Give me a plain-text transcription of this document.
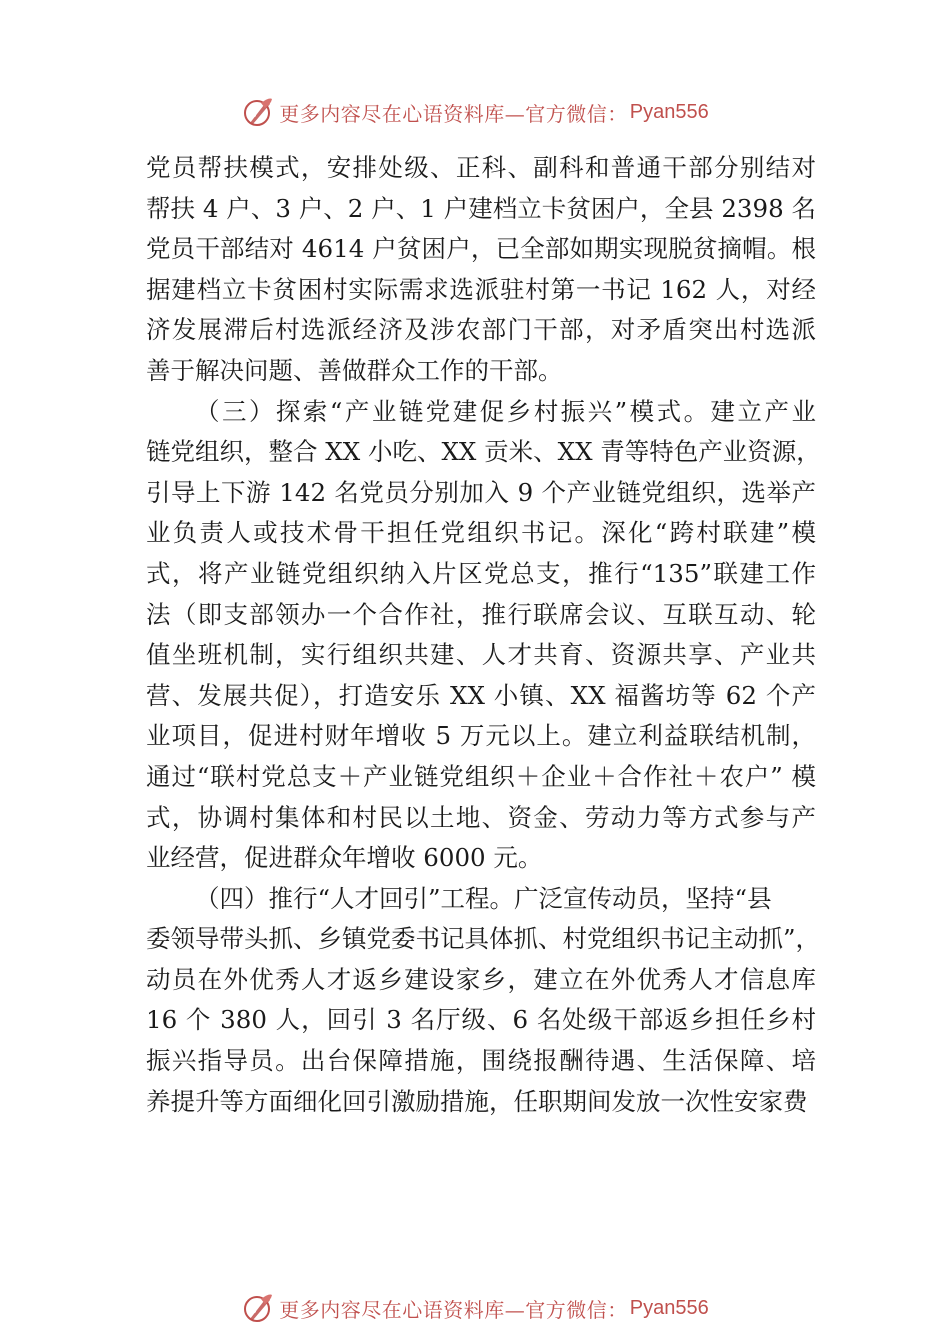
更多内容尽在心语资料库—官方微信： Pyan556
党员帮扶模式，安排处级、正科、副科和普通干部分别结对
帮扶 4 户、3 户、2 户、1 户建档立卡贫困户，全县 2398 名
党员干部结对 4614 户贫困户，已全部如期实现脱贫摘帽。根
据建档立卡贫困村实际需求选派驻村第一书记 162 人，对经
济发展滞后村选派经济及涉农部门干部，对矛盾突出村选派
善于解决问题、善做群众工作的干部。
（三）探索“产业链党建促乡村振兴”模式。建立产业
链党组织，整合 XX 小吃、XX 贡米、XX 青等特色产业资源，
引导上下游 142 名党员分别加入 9 个产业链党组织，选举产
业负责人或技术骨干担任党组织书记。深化“跨村联建”模
式，将产业链党组织纳入片区党总支，推行“135”联建工作
法（即支部领办一个合作社，推行联席会议、互联互动、轮
值坐班机制，实行组织共建、人才共育、资源共享、产业共
营、发展共促），打造安乐 XX 小镇、XX 福酱坊等 62 个产
业项目，促进村财年增收 5 万元以上。建立利益联结机制，
通过“联村党总支＋产业链党组织＋企业＋合作社＋农户” 模
式，协调村集体和村民以土地、资金、劳动力等方式参与产
业经营，促进群众年增收 6000 元。
（四）推行“人才回引”工程。广泛宣传动员，坚持“县
委领导带头抓、乡镇党委书记具体抓、村党组织书记主动抓”，
动员在外优秀人才返乡建设家乡，建立在外优秀人才信息库
16 个 380 人，回引 3 名厅级、6 名处级干部返乡担任乡村
振兴指导员。出台保障措施，围绕报酬待遇、生活保障、培
养提升等方面细化回引激励措施，任职期间发放一次性安家费
更多内容尽在心语资料库—官方微信： Pyan556
